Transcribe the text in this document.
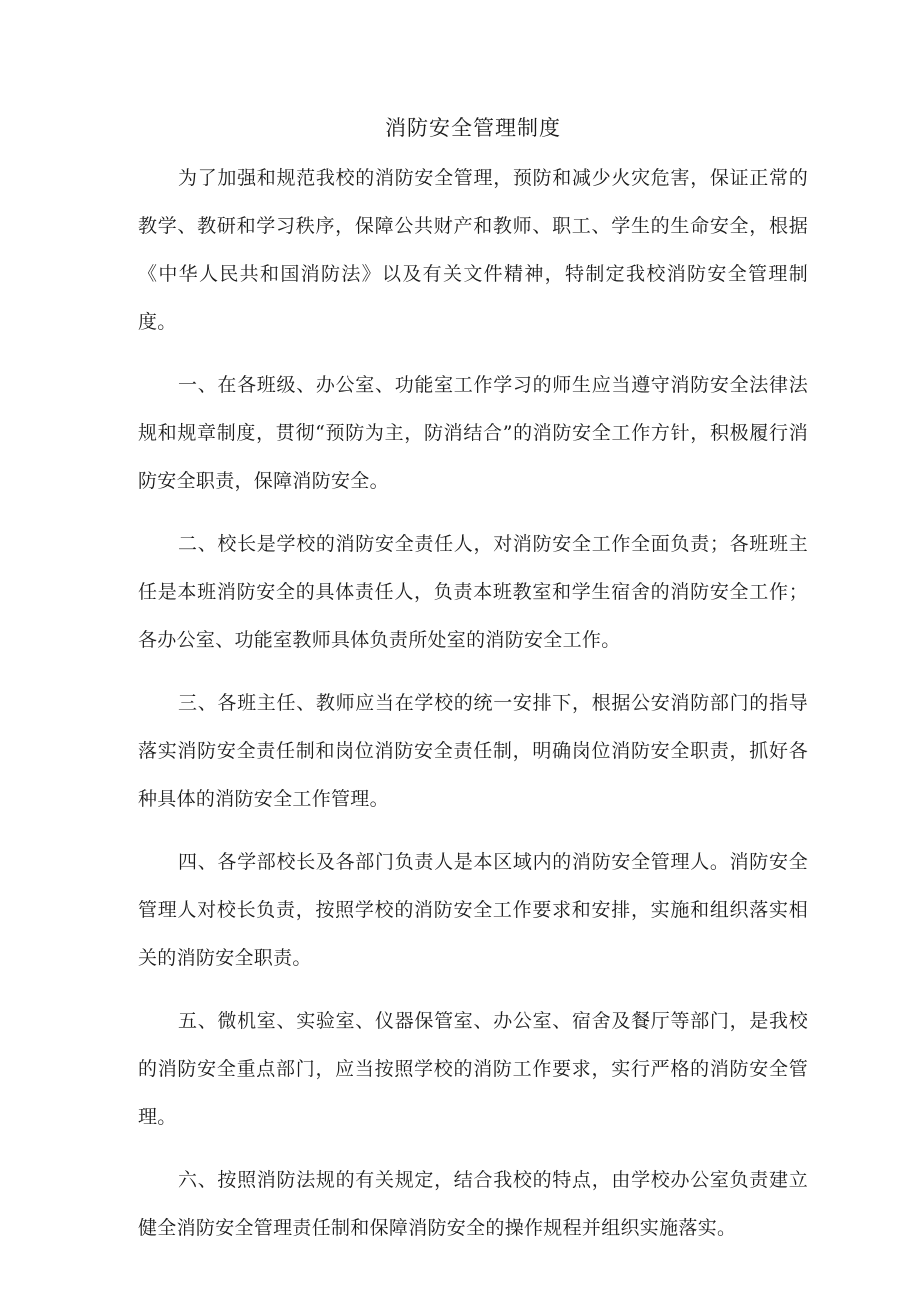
消防安全管理制度

为了加强和规范我校的消防安全管理，预防和减少火灾危害，保证正常的教学、教研和学习秩序，保障公共财产和教师、职工、学生的生命安全，根据《中华人民共和国消防法》以及有关文件精神，特制定我校消防安全管理制度。

一、在各班级、办公室、功能室工作学习的师生应当遵守消防安全法律法规和规章制度，贯彻“预防为主，防消结合”的消防安全工作方针，积极履行消防安全职责，保障消防安全。

二、校长是学校的消防安全责任人，对消防安全工作全面负责；各班班主任是本班消防安全的具体责任人，负责本班教室和学生宿舍的消防安全工作；各办公室、功能室教师具体负责所处室的消防安全工作。

三、各班主任、教师应当在学校的统一安排下，根据公安消防部门的指导落实消防安全责任制和岗位消防安全责任制，明确岗位消防安全职责，抓好各种具体的消防安全工作管理。

四、各学部校长及各部门负责人是本区域内的消防安全管理人。消防安全管理人对校长负责，按照学校的消防安全工作要求和安排，实施和组织落实相关的消防安全职责。

五、微机室、实验室、仪器保管室、办公室、宿舍及餐厅等部门，是我校的消防安全重点部门，应当按照学校的消防工作要求，实行严格的消防安全管理。

六、按照消防法规的有关规定，结合我校的特点，由学校办公室负责建立健全消防安全管理责任制和保障消防安全的操作规程并组织实施落实。
